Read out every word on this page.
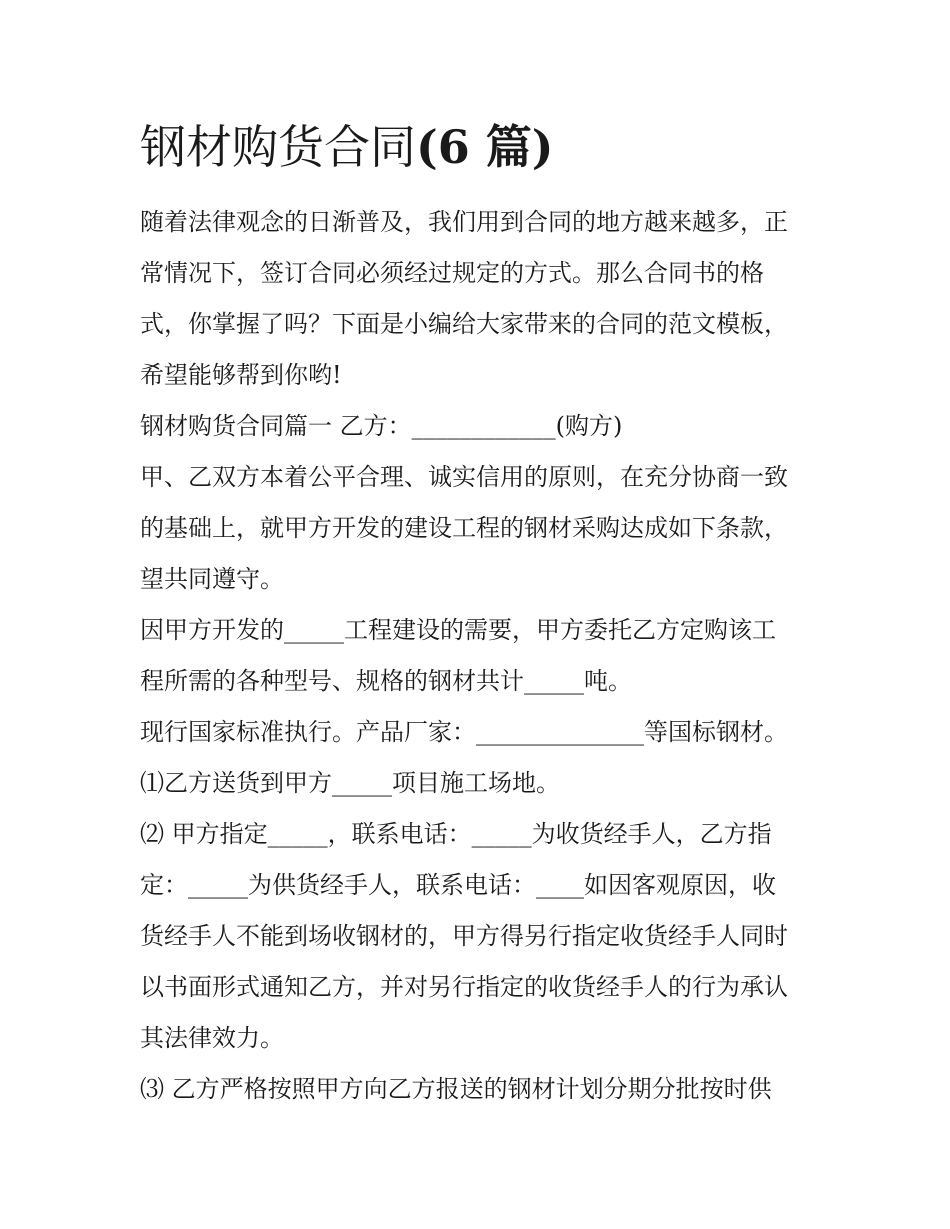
钢材购货合同(6 篇)

随着法律观念的日渐普及，我们用到合同的地方越来越多，正

常情况下，签订合同必须经过规定的方式。那么合同书的格

式，你掌握了吗？下面是小编给大家带来的合同的范文模板，

希望能够帮到你哟!

钢材购货合同篇一 乙方：____________(购方)

甲、乙双方本着公平合理、诚实信用的原则，在充分协商一致

的基础上，就甲方开发的建设工程的钢材采购达成如下条款，

望共同遵守。

因甲方开发的_____工程建设的需要，甲方委托乙方定购该工

程所需的各种型号、规格的钢材共计_____吨。

现行国家标准执行。产品厂家：______________等国标钢材。

⑴乙方送货到甲方_____项目施工场地。

⑵ 甲方指定_____，联系电话：_____为收货经手人，乙方指

定：_____为供货经手人，联系电话：____如因客观原因，收

货经手人不能到场收钢材的，甲方得另行指定收货经手人同时

以书面形式通知乙方，并对另行指定的收货经手人的行为承认

其法律效力。

⑶ 乙方严格按照甲方向乙方报送的钢材计划分期分批按时供
